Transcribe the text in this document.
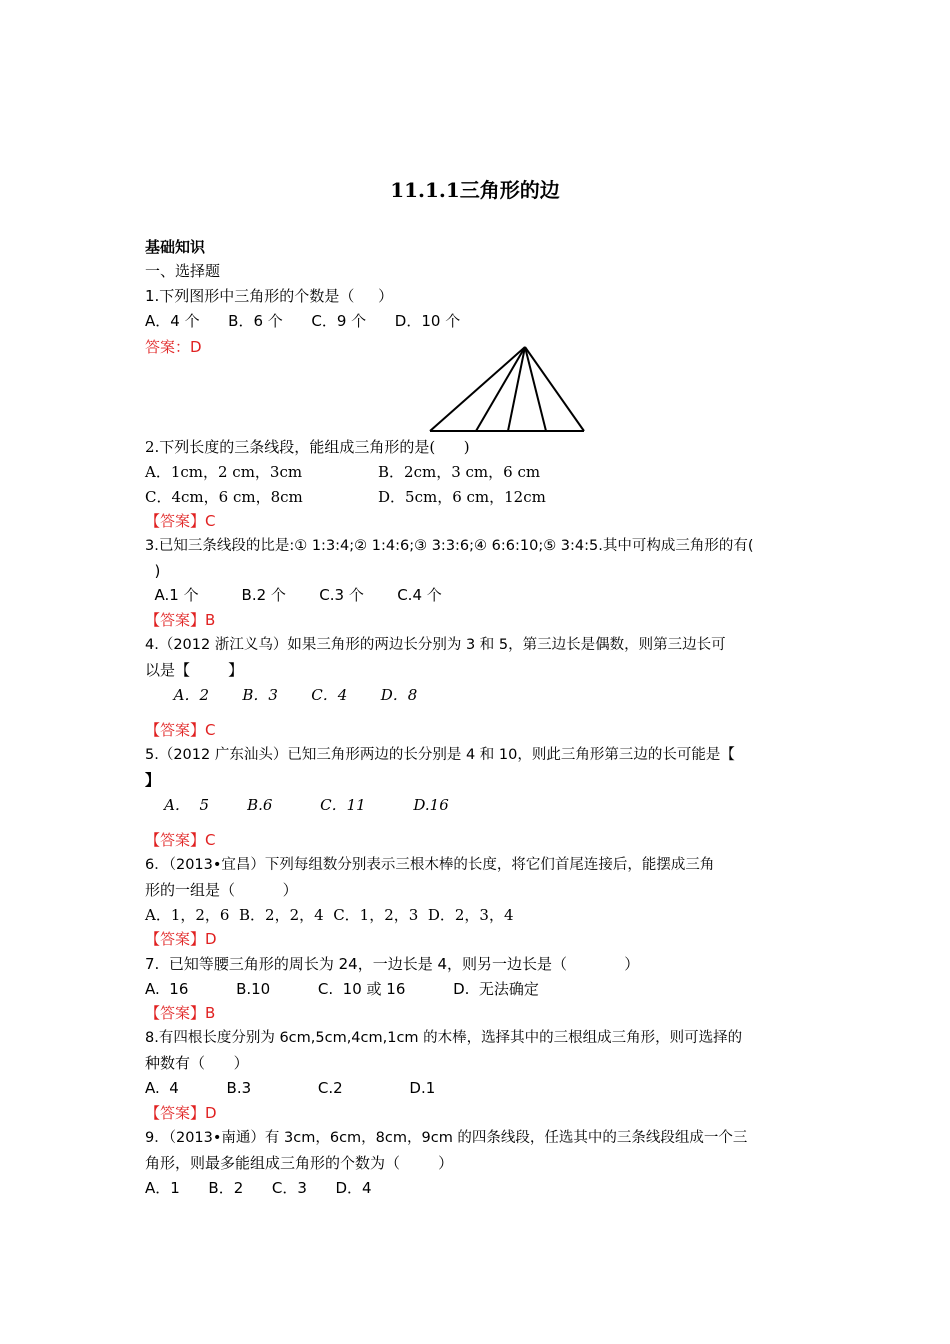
11.1.1三角形的边
基础知识
一、选择题
1.下列图形中三角形的个数是（     ）
A．4 个      B．6 个      C．9 个      D．10 个
答案：D
2.下列长度的三条线段，能组成三角形的是(      )
A．1cm，2 cm，3cm	B．2cm，3 cm，6 cm
C．4cm，6 cm，8cm	D．5cm，6 cm，12cm
【答案】C
3.已知三条线段的比是:① 1:3:4;② 1:4:6;③ 3:3:6;④ 6:6:10;⑤ 3:4:5.其中可构成三角形的有(
)
A.1 个         B.2 个       C.3 个       C.4 个
【答案】B
4.（2012 浙江义乌）如果三角形的两边长分别为 3 和 5，第三边长是偶数，则第三边长可
以是【        】
A．2       B．3       C．4       D．8
【答案】C
5.（2012 广东汕头）已知三角形两边的长分别是 4 和 10，则此三角形第三边的长可能是【
】
A．  5        B.6          C．11          D.16
【答案】C
6．（2013•宜昌）下列每组数分别表示三根木棒的长度，将它们首尾连接后，能摆成三角
形的一组是（          ）
A．1，2，6  B．2，2，4  C．1，2，3  D．2，3，4
【答案】D
7.  已知等腰三角形的周长为 24，一边长是 4，则另一边长是（            ）
A.  16          B.10          C.  10 或 16          D.  无法确定
【答案】B
8.有四根长度分别为 6cm,5cm,4cm,1cm 的木棒，选择其中的三根组成三角形，则可选择的
种数有（      ）
A.  4          B.3              C.2              D.1
【答案】D
9．（2013•南通）有 3cm，6cm，8cm，9cm 的四条线段，任选其中的三条线段组成一个三
角形，则最多能组成三角形的个数为（        ）
A．1      B．2      C．3      D．4
